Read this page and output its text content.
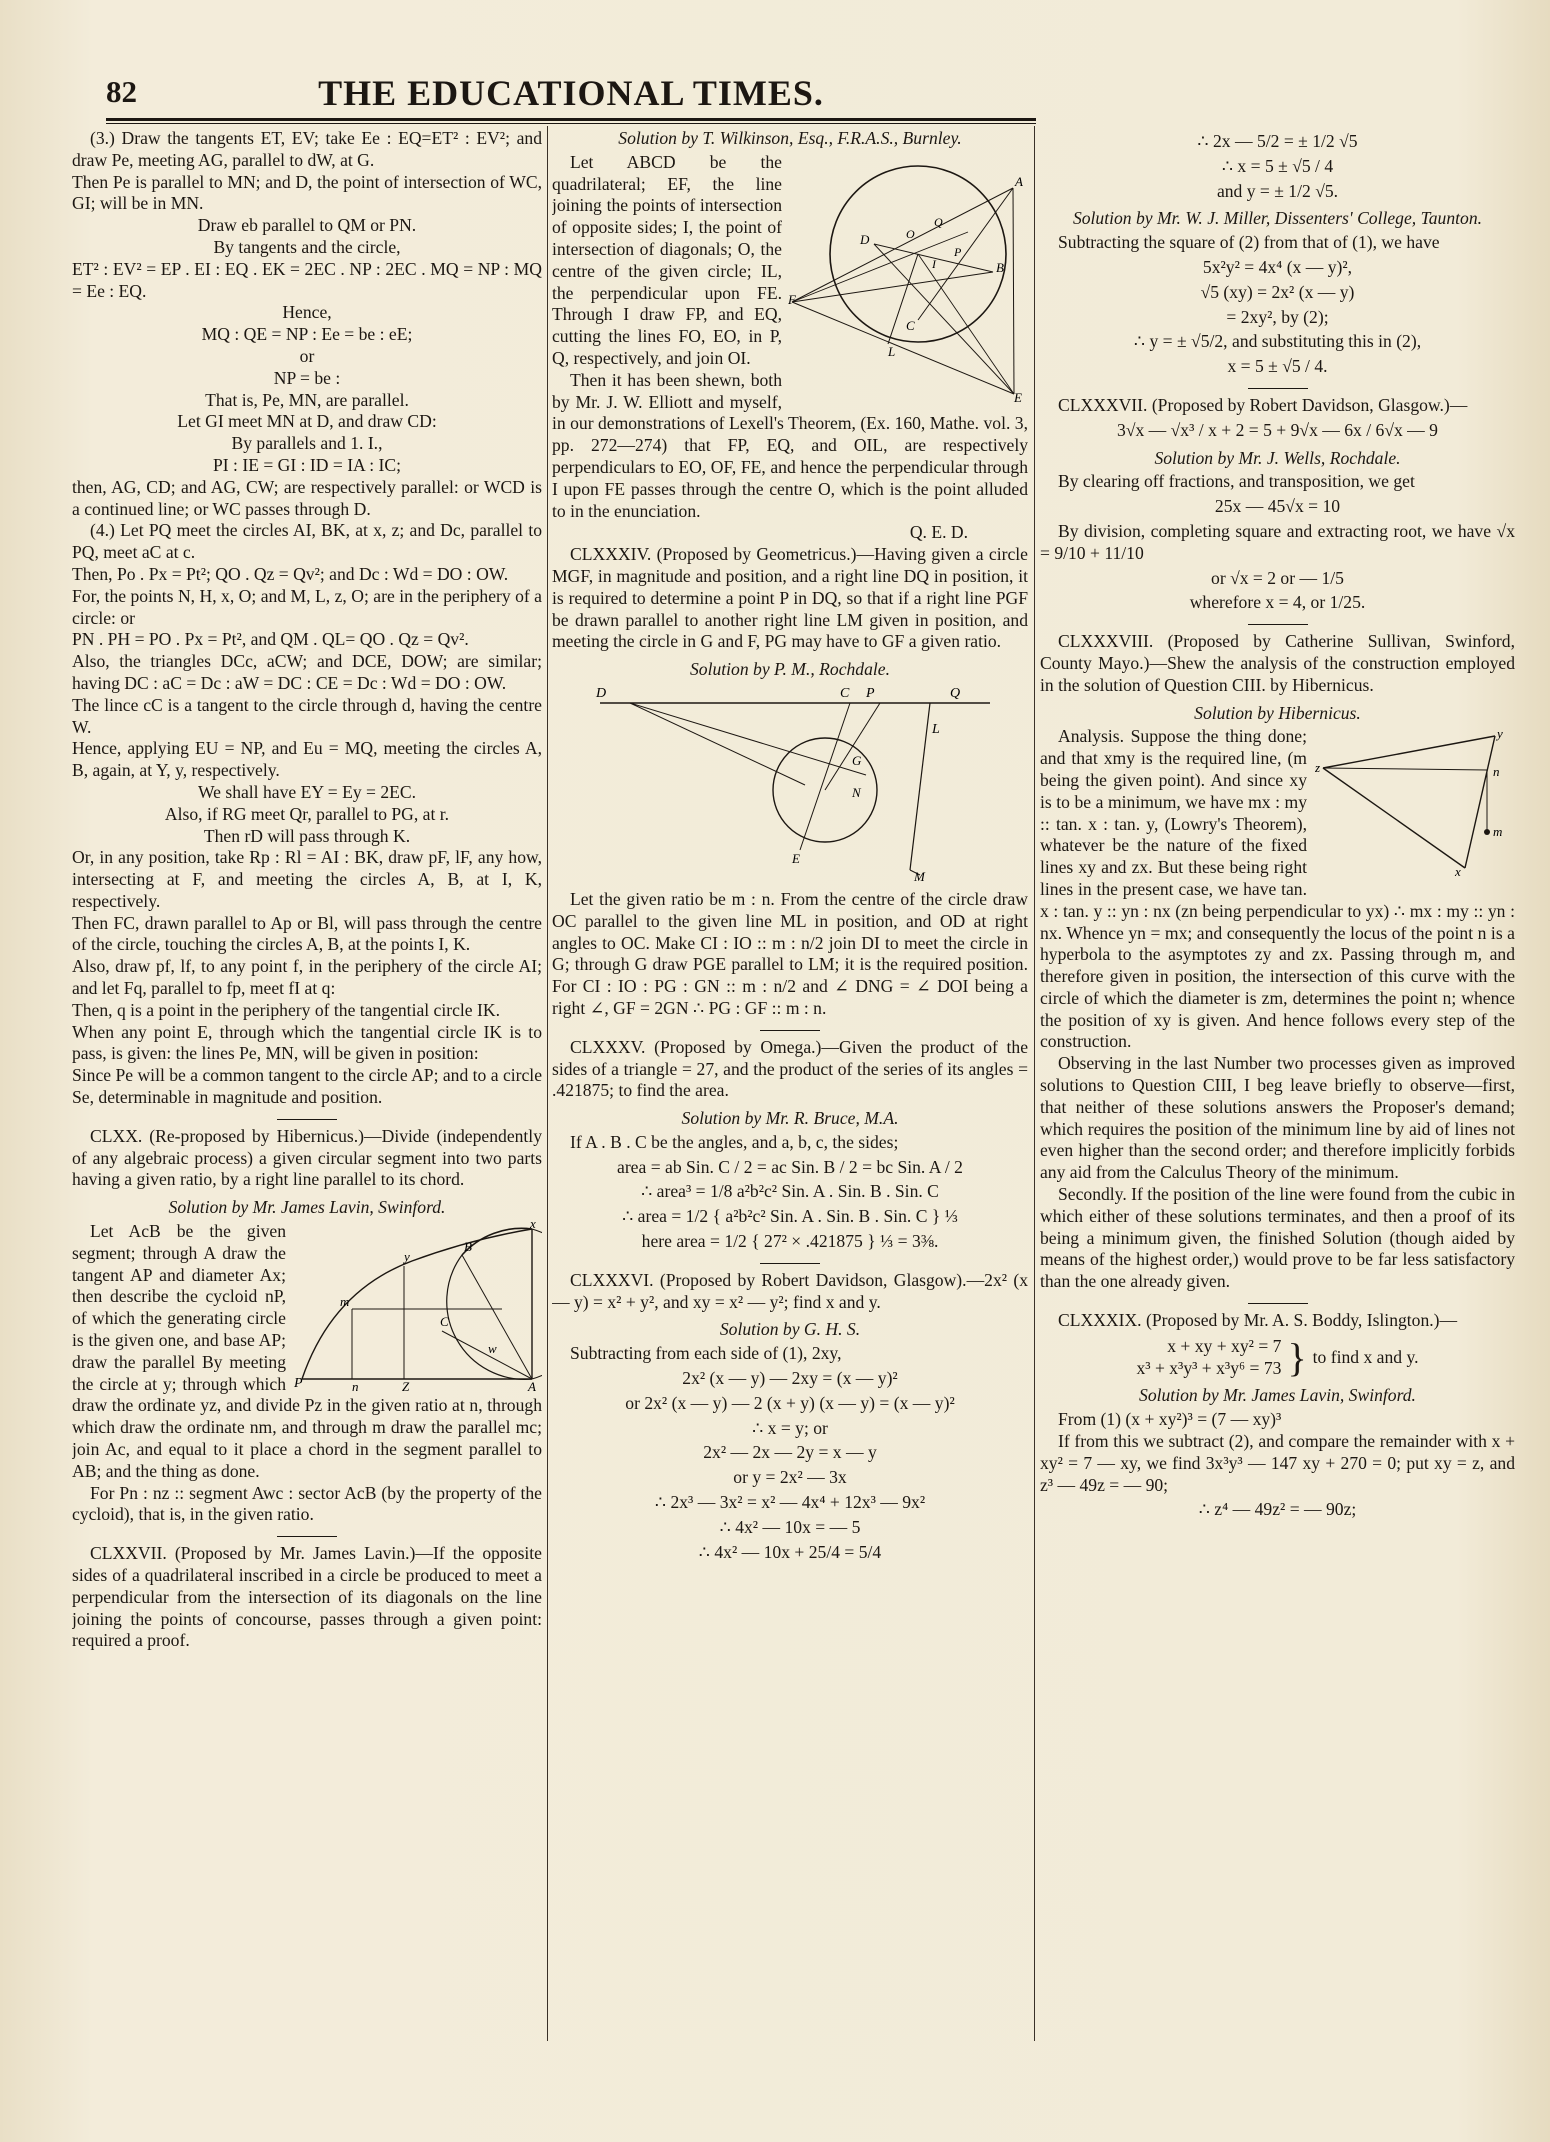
82	THE EDUCATIONAL TIMES.

(3.) Draw the tangents ET, EV; take Ee : EQ=ET² : EV²; and draw Pe, meeting AG, parallel to dW, at G.

Then Pe is parallel to MN; and D, the point of intersection of WC, GI; will be in MN.

Draw eb parallel to QM or PN.

By tangents and the circle,

ET² : EV² = EP . EI : EQ . EK = 2EC . NP : 2EC . MQ = NP : MQ = Ee : EQ.

Hence,

MQ : QE = NP : Ee = be : eE;

or

NP = be :

That is, Pe, MN, are parallel.

Let GI meet MN at D, and draw CD:

By parallels and 1. I.,

PI : IE = GI : ID = IA : IC;

then, AG, CD; and AG, CW; are respectively parallel: or WCD is a continued line; or WC passes through D.

(4.) Let PQ meet the circles AI, BK, at x, z; and Dc, parallel to PQ, meet aC at c.

Then, Po . Px = Pt²; QO . Qz = Qv²; and Dc : Wd = DO : OW.

For, the points N, H, x, O; and M, L, z, O; are in the periphery of a circle: or

PN . PH = PO . Px = Pt², and QM . QL= QO . Qz = Qv².

Also, the triangles DCc, aCW; and DCE, DOW; are similar; having DC : aC = Dc : aW = DC : CE = Dc : Wd = DO : OW.

The lince cC is a tangent to the circle through d, having the centre W.

Hence, applying EU = NP, and Eu = MQ, meeting the circles A, B, again, at Y, y, respectively.

We shall have EY = Ey = 2EC.

Also, if RG meet Qr, parallel to PG, at r.

Then rD will pass through K.

Or, in any position, take Rp : Rl = AI : BK, draw pF, lF, any how, intersecting at F, and meeting the circles A, B, at I, K, respectively.

Then FC, drawn parallel to Ap or Bl, will pass through the centre of the circle, touching the circles A, B, at the points I, K.

Also, draw pf, lf, to any point f, in the periphery of the circle AI; and let Fq, parallel to fp, meet fI at q:

Then, q is a point in the periphery of the tangential circle IK.

When any point E, through which the tangential circle IK is to pass, is given: the lines Pe, MN, will be given in position:

Since Pe will be a common tangent to the circle AP; and to a circle Se, determinable in magnitude and position.

CLXX. (Re-proposed by Hibernicus.)—Divide (independently of any algebraic process) a given circular segment into two parts having a given ratio, by a right line parallel to its chord.

Solution by Mr. James Lavin, Swinford.

P	n	Z	A
m
y
B
C
w
x

Let AcB be the given segment; through A draw the tangent AP and diameter Ax; then describe the cycloid nP, of which the generating circle is the given one, and base AP; draw the parallel By meeting the circle at y; through which draw the ordinate yz, and divide Pz in the given ratio at n, through which draw the ordinate nm, and through m draw the parallel mc; join Ac, and equal to it place a chord in the segment parallel to AB; and the thing as done.

For Pn : nz :: segment Awc : sector AcB (by the property of the cycloid), that is, in the given ratio.

CLXXVII. (Proposed by Mr. James Lavin.)—If the opposite sides of a quadrilateral inscribed in a circle be produced to meet a perpendicular from the intersection of its diagonals on the line joining the points of concourse, passes through a given point: required a proof.

Solution by T. Wilkinson, Esq., F.R.A.S., Burnley.

A
B
C
D
E
F
L
O
Q
P
I

Let ABCD be the quadrilateral; EF, the line joining the points of intersection of opposite sides; I, the point of intersection of diagonals; O, the centre of the given circle; IL, the perpendicular upon FE. Through I draw FP, and EQ, cutting the lines FO, EO, in P, Q, respectively, and join OI.

Then it has been shewn, both by Mr. J. W. Elliott and myself, in our demonstrations of Lexell's Theorem, (Ex. 160, Mathe. vol. 3, pp. 272—274) that FP, EQ, and OIL, are respectively perpendiculars to EO, OF, FE, and hence the perpendicular through I upon FE passes through the centre O, which is the point alluded to in the enunciation.

Q. E. D.

CLXXXIV. (Proposed by Geometricus.)—Having given a circle MGF, in magnitude and position, and a right line DQ in position, it is required to determine a point P in DQ, so that if a right line PGF be drawn parallel to another right line LM given in position, and meeting the circle in G and F, PG may have to GF a given ratio.

Solution by P. M., Rochdale.

D	C P	Q
L
M
G
N
E

Let the given ratio be m : n. From the centre of the circle draw OC parallel to the given line ML in position, and OD at right angles to OC. Make CI : IO :: m : n/2 join DI to meet the circle in G; through G draw PGE parallel to LM; it is the required position. For CI : IO : PG : GN :: m : n/2 and ∠ DNG = ∠ DOI being a right ∠, GF = 2GN ∴ PG : GF :: m : n.

CLXXXV. (Proposed by Omega.)—Given the product of the sides of a triangle = 27, and the product of the series of its angles = .421875; to find the area.

Solution by Mr. R. Bruce, M.A.

If A . B . C be the angles, and a, b, c, the sides;

area = ab Sin. C / 2 = ac Sin. B / 2 = bc Sin. A / 2

∴ area³ = 1/8 a²b²c² Sin. A . Sin. B . Sin. C

∴ area = 1/2 { a²b²c² Sin. A . Sin. B . Sin. C } ⅓

here area = 1/2 { 27² × .421875 } ⅓ = 3⅜.

CLXXXVI. (Proposed by Robert Davidson, Glasgow).—2x² (x — y) = x² + y², and xy = x² — y²; find x and y.

Solution by G. H. S.

Subtracting from each side of (1), 2xy,

2x² (x — y) — 2xy = (x — y)²

or 2x² (x — y) — 2 (x + y) (x — y) = (x — y)²

∴ x = y; or

2x² — 2x — 2y = x — y

or y = 2x² — 3x

∴ 2x³ — 3x² = x² — 4x⁴ + 12x³ — 9x²

∴ 4x² — 10x = — 5

∴ 4x² — 10x + 25/4 = 5/4

∴ 2x — 5/2 = ± 1/2 √5

∴ x = 5 ± √5 / 4

and y = ± 1/2 √5.

Solution by Mr. W. J. Miller, Dissenters' College, Taunton.

Subtracting the square of (2) from that of (1), we have

5x²y² = 4x⁴ (x — y)²,

√5 (xy) = 2x² (x — y)

= 2xy², by (2);

∴ y = ± √5/2, and substituting this in (2),

x = 5 ± √5 / 4.

CLXXXVII. (Proposed by Robert Davidson, Glasgow.)—

3√x — √x³ / x + 2 = 5 + 9√x — 6x / 6√x — 9

Solution by Mr. J. Wells, Rochdale.

By clearing off fractions, and transposition, we get

25x — 45√x = 10

By division, completing square and extracting root, we have √x = 9/10 + 11/10

or √x = 2 or — 1/5

wherefore x = 4, or 1/25.

CLXXXVIII. (Proposed by Catherine Sullivan, Swinford, County Mayo.)—Shew the analysis of the construction employed in the solution of Question CIII. by Hibernicus.

Solution by Hibernicus.

z
y
n
m
x

Analysis. Suppose the thing done; and that xmy is the required line, (m being the given point). And since xy is to be a minimum, we have mx : my :: tan. x : tan. y, (Lowry's Theorem), whatever be the nature of the fixed lines xy and zx. But these being right lines in the present case, we have tan. x : tan. y :: yn : nx (zn being perpendicular to yx) ∴ mx : my :: yn : nx. Whence yn = mx; and consequently the locus of the point n is a hyperbola to the asymptotes zy and zx. Passing through m, and therefore given in position, the intersection of this curve with the circle of which the diameter is zm, determines the point n; whence the position of xy is given. And hence follows every step of the construction.

Observing in the last Number two processes given as improved solutions to Question CIII, I beg leave briefly to observe—first, that neither of these solutions answers the Proposer's demand; which requires the position of the minimum line by aid of lines not even higher than the second order; and therefore implicitly forbids any aid from the Calculus Theory of the minimum.

Secondly. If the position of the line were found from the cubic in which either of these solutions terminates, and then a proof of its being a minimum given, the finished Solution (though aided by means of the highest order,) would prove to be far less satisfactory than the one already given.

CLXXXIX. (Proposed by Mr. A. S. Boddy, Islington.)—

x + xy + xy² = 7
x³ + x³y³ + x³y⁶ = 73 } to find x and y.

Solution by Mr. James Lavin, Swinford.

From (1) (x + xy²)³ = (7 — xy)³

If from this we subtract (2), and compare the remainder with x + xy² = 7 — xy, we find 3x³y³ — 147 xy + 270 = 0; put xy = z, and z³ — 49z = — 90;

∴ z⁴ — 49z² = — 90z;
